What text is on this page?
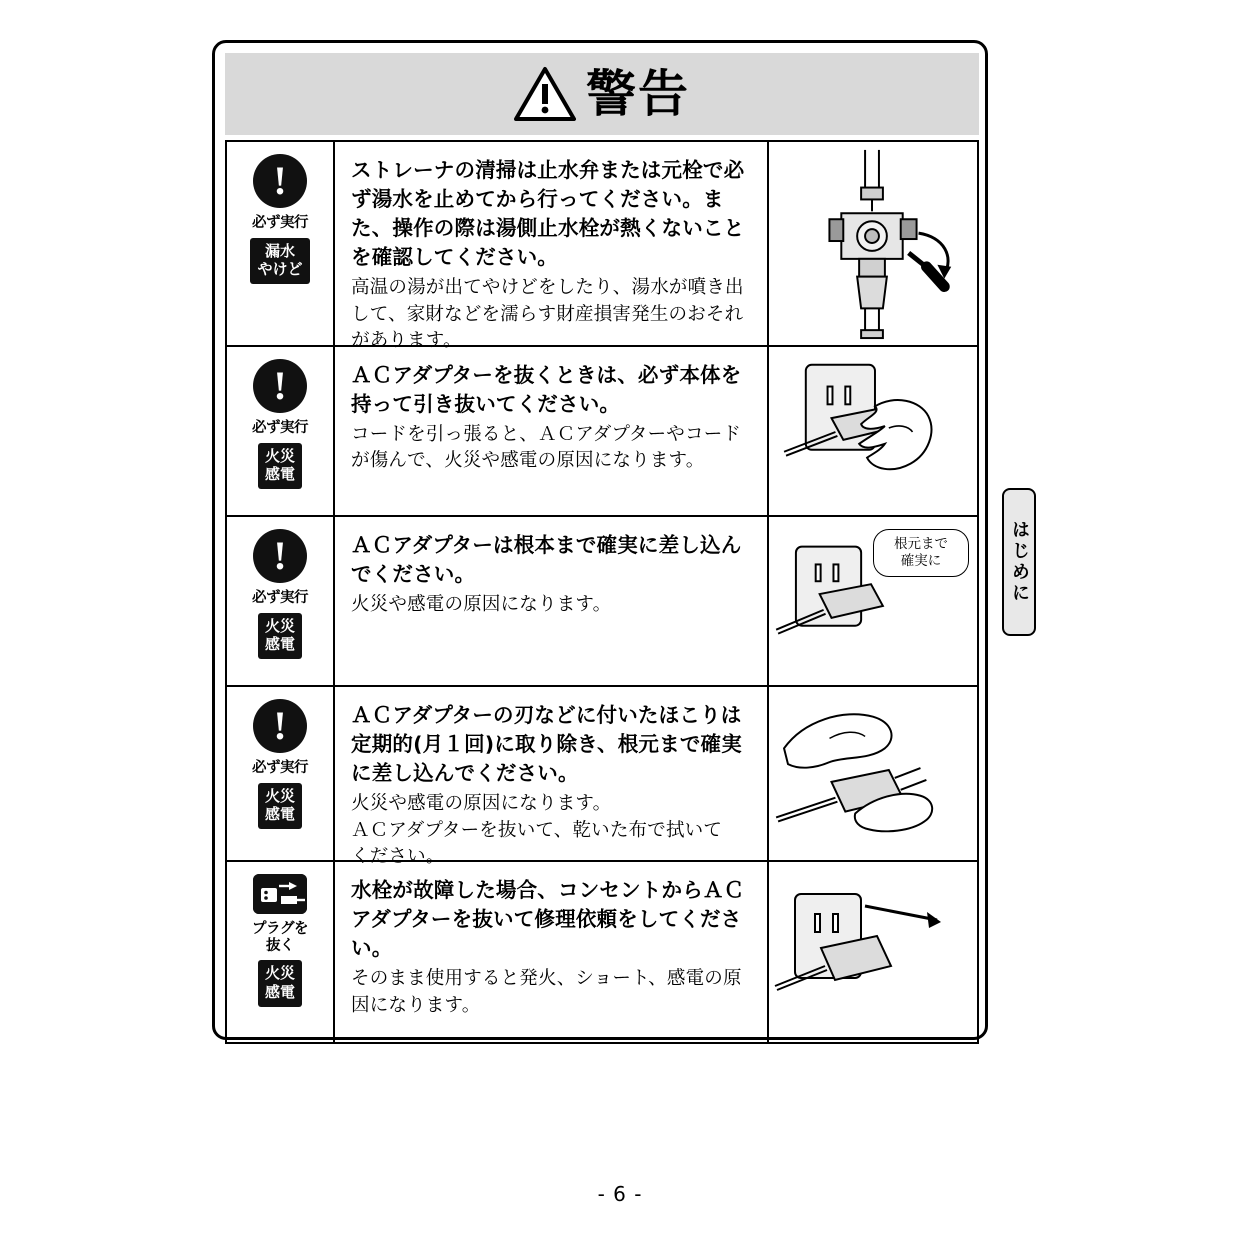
警告
!
必ず実行
漏水
やけど

ストレーナの清掃は止水弁または元栓で必ず湯水を止めてから行ってください。また、操作の際は湯側止水栓が熱くないことを確認してください。

高温の湯が出てやけどをしたり、湯水が噴き出して、家財などを濡らす財産損害発生のおそれがあります。

!
必ず実行
火災
感電

ＡＣアダプターを抜くときは、必ず本体を持って引き抜いてください。

コードを引っ張ると、ＡＣアダプターやコードが傷んで、火災や感電の原因になります。

!
必ず実行
火災
感電

ＡＣアダプターは根本まで確実に差し込んでください。

火災や感電の原因になります。

根元まで
確実に
!
必ず実行
火災
感電

ＡＣアダプターの刃などに付いたほこりは定期的(月１回)に取り除き、根元まで確実に差し込んでください。

火災や感電の原因になります。

ＡＣアダプターを抜いて、乾いた布で拭いて

ください。

プラグを
抜く
火災
感電

水栓が故障した場合、コンセントからＡＣアダプターを抜いて修理依頼をしてください。

そのまま使用すると発火、ショート、感電の原因になります。

はじめに
- 6 -
